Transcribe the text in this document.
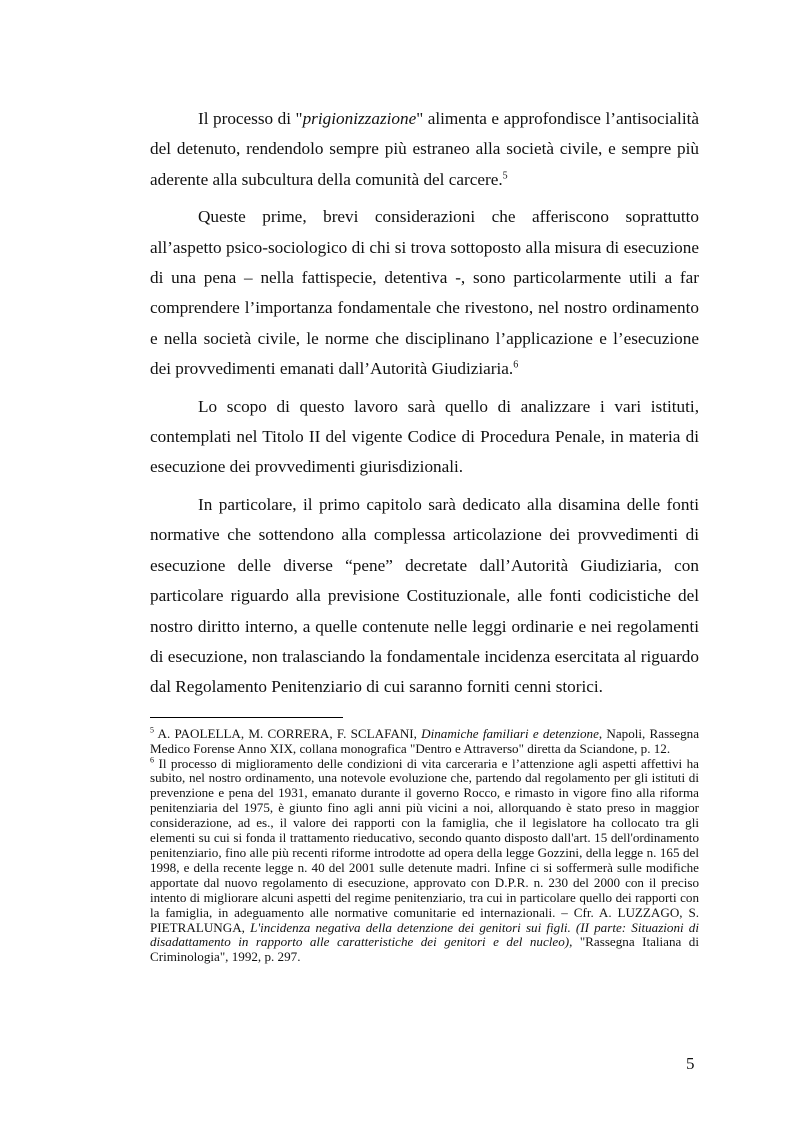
Il processo di "prigionizzazione" alimenta e approfondisce l’antisocialità del detenuto, rendendolo sempre più estraneo alla società civile, e sempre più aderente alla subcultura della comunità del carcere.$^5$

Queste prime, brevi considerazioni che afferiscono soprattutto all’aspetto psico-sociologico di chi si trova sottoposto alla misura di esecuzione di una pena – nella fattispecie, detentiva -, sono particolarmente utili a far comprendere l’importanza fondamentale che rivestono, nel nostro ordinamento e nella società civile, le norme che disciplinano l’applicazione e l’esecuzione dei provvedimenti emanati dall’Autorità Giudiziaria.$^6$

Lo scopo di questo lavoro sarà quello di analizzare i vari istituti, contemplati nel Titolo II del vigente Codice di Procedura Penale, in materia di esecuzione dei provvedimenti giurisdizionali.

In particolare, il primo capitolo sarà dedicato alla disamina delle fonti normative che sottendono alla complessa articolazione dei provvedimenti di esecuzione delle diverse “pene” decretate dall’Autorità Giudiziaria, con particolare riguardo alla previsione Costituzionale, alle fonti codicistiche del nostro diritto interno, a quelle contenute nelle leggi ordinarie e nei regolamenti di esecuzione, non tralasciando la fondamentale incidenza esercitata al riguardo dal Regolamento Penitenziario di cui saranno forniti cenni storici.

$^5$ A. PAOLELLA, M. CORRERA, F. SCLAFANI, Dinamiche familiari e detenzione, Napoli, Rassegna Medico Forense Anno XIX, collana monografica "Dentro e Attraverso" diretta da Sciandone, p. 12.

$^6$ Il processo di miglioramento delle condizioni di vita carceraria e l’attenzione agli aspetti affettivi ha subito, nel nostro ordinamento, una notevole evoluzione che, partendo dal regolamento per gli istituti di prevenzione e pena del 1931, emanato durante il governo Rocco, e rimasto in vigore fino alla riforma penitenziaria del 1975, è giunto fino agli anni più vicini a noi, allorquando è stato preso in maggior considerazione, ad es., il valore dei rapporti con la famiglia, che il legislatore ha collocato tra gli elementi su cui si fonda il trattamento rieducativo, secondo quanto disposto dall'art. 15 dell'ordinamento penitenziario, fino alle più recenti riforme introdotte ad opera della legge Gozzini, della legge n. 165 del 1998, e della recente legge n. 40 del 2001 sulle detenute madri. Infine ci si soffermerà sulle modifiche apportate dal nuovo regolamento di esecuzione, approvato con D.P.R. n. 230 del 2000 con il preciso intento di migliorare alcuni aspetti del regime penitenziario, tra cui in particolare quello dei rapporti con la famiglia, in adeguamento alle normative comunitarie ed internazionali. – Cfr. A. LUZZAGO, S. PIETRALUNGA, L'incidenza negativa della detenzione dei genitori sui figli. (II parte: Situazioni di disadattamento in rapporto alle caratteristiche dei genitori e del nucleo), "Rassegna Italiana di Criminologia", 1992, p. 297.

5
